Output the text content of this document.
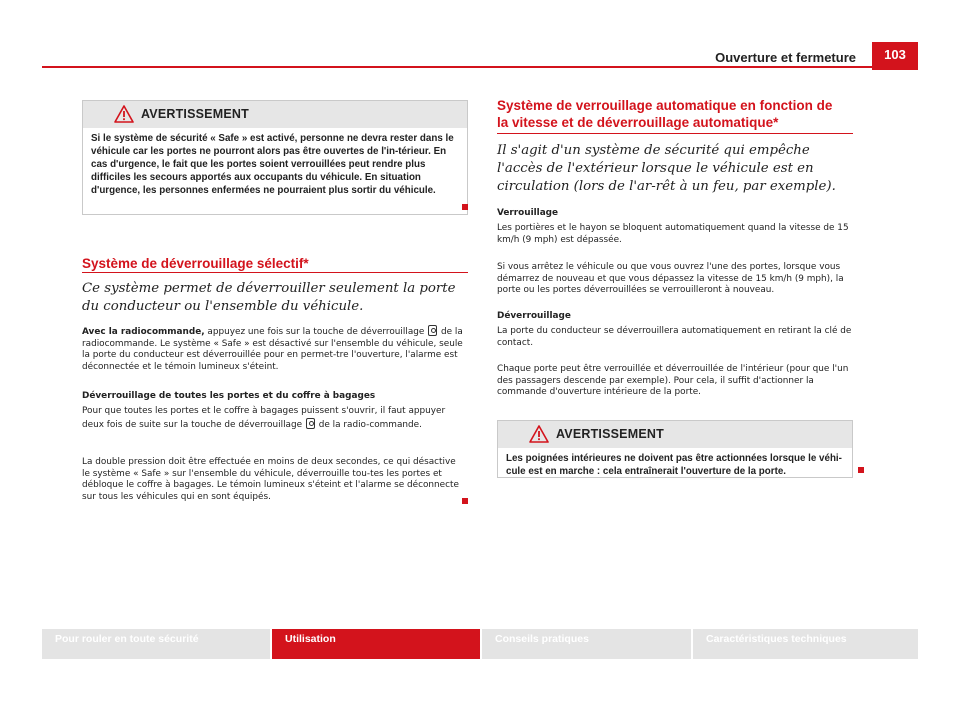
Ouverture et fermeture	103
AVERTISSEMENT
Si le système de sécurité « Safe » est activé, personne ne devra rester dans le véhicule car les portes ne pourront alors pas être ouvertes de l'in-térieur. En cas d'urgence, le fait que les portes soient verrouillées peut rendre plus difficiles les secours apportés aux occupants du véhicule. En situation d'urgence, les personnes enfermées ne pourraient plus sortir du véhicule.
Système de déverrouillage sélectif*
Ce système permet de déverrouiller seulement la porte du conducteur ou l'ensemble du véhicule.
Avec la radiocommande, appuyez une fois sur la touche de déverrouillage  de la radiocommande. Le système « Safe » est désactivé sur l'ensemble du véhicule, seule la porte du conducteur est déverrouillée pour en permet-tre l'ouverture, l'alarme est déconnectée et le témoin lumineux s'éteint.
Déverrouillage de toutes les portes et du coffre à bagages
Pour que toutes les portes et le coffre à bagages puissent s'ouvrir, il faut appuyer deux fois de suite sur la touche de déverrouillage  de la radio-commande.
La double pression doit être effectuée en moins de deux secondes, ce qui désactive le système « Safe » sur l'ensemble du véhicule, déverrouille tou-tes les portes et débloque le coffre à bagages. Le témoin lumineux s'éteint et l'alarme se déconnecte sur tous les véhicules qui en sont équipés.
Système de verrouillage automatique en fonction de la vitesse et de déverrouillage automatique*
Il s'agit d'un système de sécurité qui empêche l'accès de l'extérieur lorsque le véhicule est en circulation (lors de l'ar-rêt à un feu, par exemple).
Verrouillage
Les portières et le hayon se bloquent automatiquement quand la vitesse de 15 km/h (9 mph) est dépassée.
Si vous arrêtez le véhicule ou que vous ouvrez l'une des portes, lorsque vous démarrez de nouveau et que vous dépassez la vitesse de 15 km/h (9 mph), la porte ou les portes déverrouillées se verrouilleront à nouveau.
Déverrouillage
La porte du conducteur se déverrouillera automatiquement en retirant la clé de contact.
Chaque porte peut être verrouillée et déverrouillée de l'intérieur (pour que l'un des passagers descende par exemple). Pour cela, il suffit d'actionner la commande d'ouverture intérieure de la porte.
AVERTISSEMENT
Les poignées intérieures ne doivent pas être actionnées lorsque le véhi-cule est en marche : cela entraînerait l'ouverture de la porte.
Pour rouler en toute sécurité	Utilisation	Conseils pratiques	Caractéristiques techniques
